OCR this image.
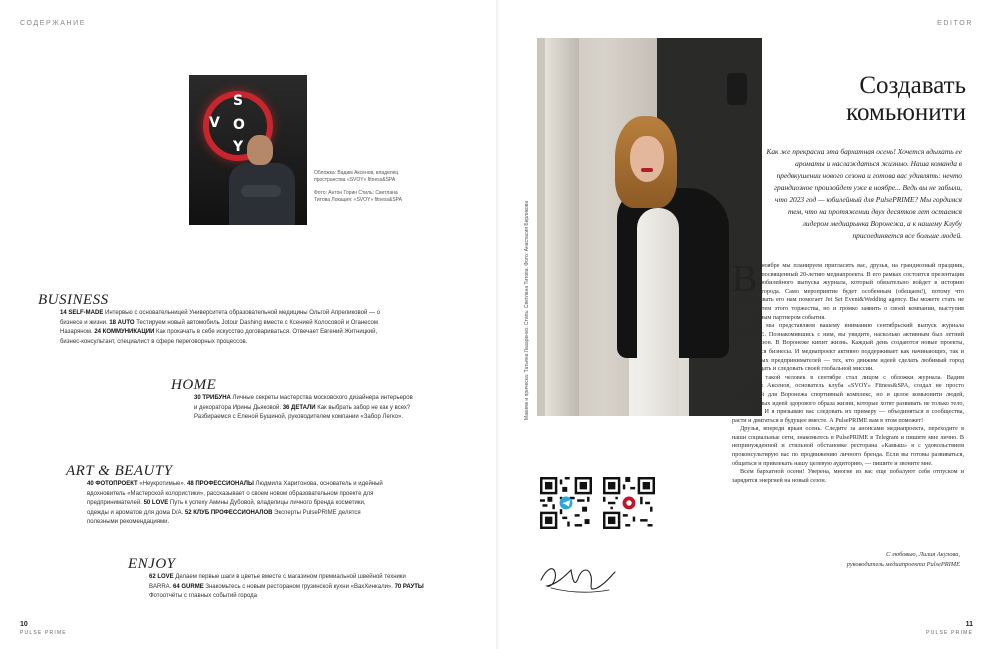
СОДЕРЖАНИЕ	EDITOR
S
V O
Y

Обложка: Вадим Аксенов, владелец пространства «SVOY» fitness&SPA

Фото: Антон Горин Стиль: Светлана Титова Локация: «SVOY» fitness&SPA

BUSINESS
14 SELF-MADE Интервью с основательницей Университета образовательной медицины Ольгой Апреликовой — о бизнесе и жизни. 18 AUTO Тестируем новый автомобиль Jotour Dashing вместе с Ксенией Колосовой и Оганесом Назаряном. 24 КОММУНИКАЦИИ Как прокачать в себе искусство договариваться. Отвечает Евгений Житницкий, бизнес-консультант, специалист в сфере переговорных процессов.
HOME
30 ТРИБУНА Личные секреты мастерства московского дизайнера интерьеров и декоратора Ирины Дьяковой. 36 ДЕТАЛИ Как выбрать забор не как у всех? Разбираемся с Еленой Бушиной, руководителем компании «Забор Легко».
ART & BEAUTY
40 ФОТОПРОЕКТ «Неукротимые». 48 ПРОФЕССИОНАЛЫ Людмила Харитонова, основатель и идейный вдохновитель «Мастерской колористики», рассказывает о своем новом образовательном проекте для предпринимателей. 50 LOVE Путь к успеху Амины Дубовой, владелицы личного бренда косметики, одежды и ароматов для дома D/A. 52 КЛУБ ПРОФЕССИОНАЛОВ Эксперты PulsePRIME делятся полезными рекомендациями.
ENJOY
62 LOVE Делаем первые шаги в цветье вместе с магазином премиальной швейной техники BARRA. 64 GURME Знакомьтесь с новым рестораном грузинской кухни «ВахХинкали». 70 РАУТЫ Фотоотчёты с главных событий города
10
PULSE PRIME
11
PULSE PRIME
Макияж и прическа: Татьяна Лазаренко. Стиль: Светлана Титова. Фото: Анастасия Бирликова
Создавать комьюнити
Как же прекрасна эта бархатная осень! Хочется вдыхать ее ароматы и наслаждаться жизнью. Наша команда в предвкушении нового сезона и готова вас удивлять: нечто грандиозное произойдет уже в ноябре... Ведь вы не забыли, что 2023 год — юбилейный для PulsePRIME? Мы гордимся тем, что на протяжении двух десятков лет остаемся лидером медиарынка Воронежа, а к нашему Клубу присоединяется все больше людей.

Вноябре мы планируем пригласить вас, друзья, на грандиозный праздник, посвященный 20-летию медиапроекта. В его рамках состоится презентация юбилейного выпуска журнала, который обязательно войдет в историю города. Само мероприятие будет особенным (обещаем!), потому что организовывать его нам помогает Jet Set Event&Wedding agency. Вы можете стать не просто гостем этого торжества, но и громко заявить о своей компании, выступив полноправным партнером события.

А пока мы представляем вашему вниманию сентябрьский выпуск журнала PulsePRIME. Познакомившись с ним, вы увидите, насколько активным был летний деловой сезон. В Воронеже кипит жизнь. Каждый день создаются новые проекты, открываются бизнесы. И медиапроект активно поддерживает как начинающих, так и уже опытных предпринимателей — тех, кто движим идеей сделать любимый город лучше, создать и следовать своей глобальной миссии.

Именно такой человек в сентябре стал лицом с обложки журнала. Вадим Валерьевич Аксенов, основатель клуба «SVOY» Fitness&SPA, создал не просто уникальный для Воронежа спортивный комплекс, но и целое комьюнити людей, объединенных идеей здорового образа жизни, которые хотят развивать не только тело, но и душу. И я призываю вас следовать их примеру — объединяться в сообщества, расти и двигаться в будущее вместе. А PulsePRIME вам в этом поможет!

Друзья, впереди яркая осень. Следите за анонсами медиапроекта, переходите в наши социальные сети, знакомьтесь в PulsePRIME в Telegram и пишите мне лично. В непринужденной и стильной обстановке ресторана «Камыш» я с удовольствием проконсультирую вас по продвижению личного бренда. Если вы готовы развиваться, общаться и привлекать нашу целевую аудиторию, — пишите и звоните мне.

Всем бархатной осени! Уверена, многие из вас еще побалуют себя отпуском и зарядятся энергией на новый сезон.

С любовью, Лилия Акулова,
руководитель медиапроекта PulsePRIME
